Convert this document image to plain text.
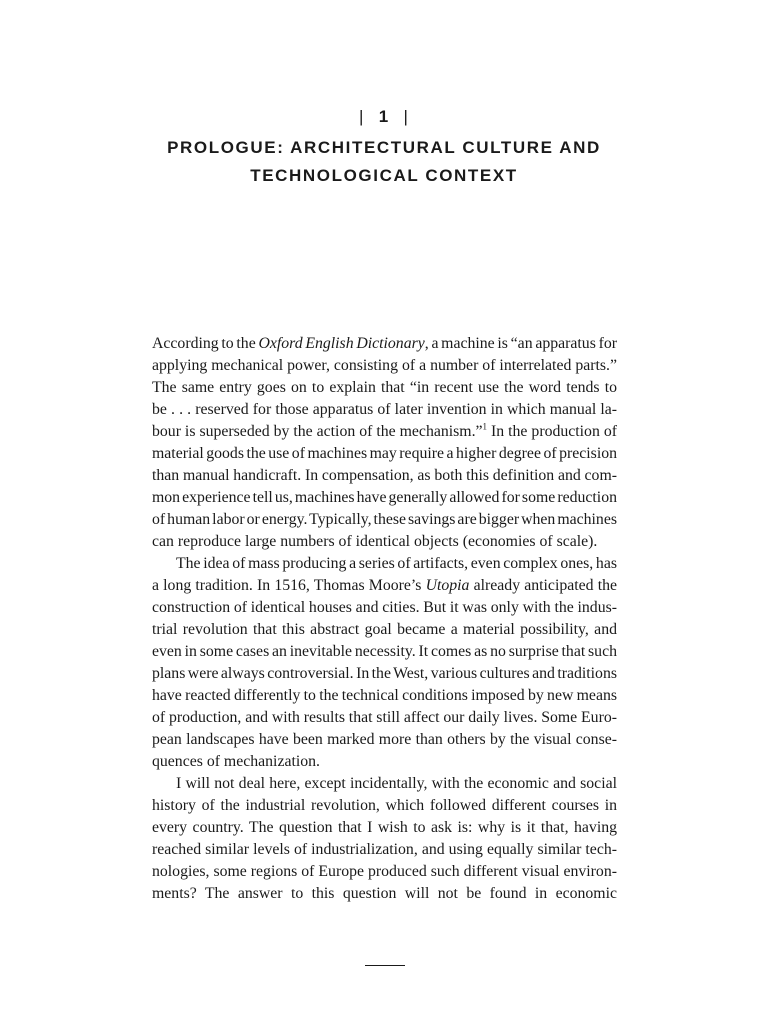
| 1 |
PROLOGUE: ARCHITECTURAL CULTURE AND
TECHNOLOGICAL CONTEXT
According to the Oxford English Dictionary, a machine is “an apparatus for
applying mechanical power, consisting of a number of interrelated parts.”
The same entry goes on to explain that “in recent use the word tends to
be . . . reserved for those apparatus of later invention in which manual la-
bour is superseded by the action of the mechanism.”$^1$ In the production of
material goods the use of machines may require a higher degree of precision
than manual handicraft. In compensation, as both this definition and com-
mon experience tell us, machines have generally allowed for some reduction
of human labor or energy. Typically, these savings are bigger when machines
can reproduce large numbers of identical objects (economies of scale).
The idea of mass producing a series of artifacts, even complex ones, has
a long tradition. In 1516, Thomas Moore’s Utopia already anticipated the
construction of identical houses and cities. But it was only with the indus-
trial revolution that this abstract goal became a material possibility, and
even in some cases an inevitable necessity. It comes as no surprise that such
plans were always controversial. In the West, various cultures and traditions
have reacted differently to the technical conditions imposed by new means
of production, and with results that still affect our daily lives. Some Euro-
pean landscapes have been marked more than others by the visual conse-
quences of mechanization.
I will not deal here, except incidentally, with the economic and social
history of the industrial revolution, which followed different courses in
every country. The question that I wish to ask is: why is it that, having
reached similar levels of industrialization, and using equally similar tech-
nologies, some regions of Europe produced such different visual environ-
ments? The answer to this question will not be found in economic
